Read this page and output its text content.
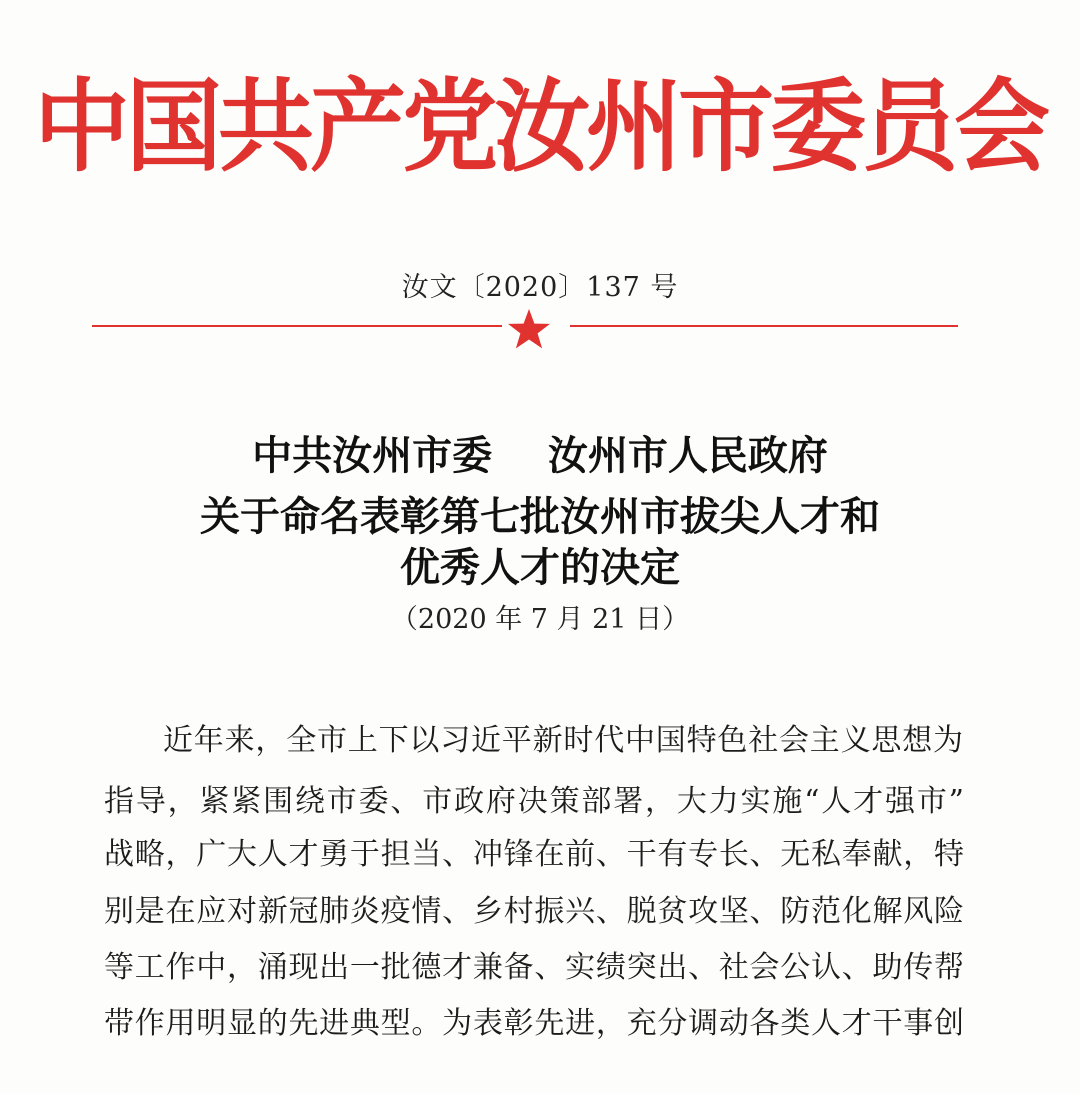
中国共产党汝州市委员会
汝文〔2020〕137 号
中共汝州市委    汝州市人民政府
关于命名表彰第七批汝州市拔尖人才和
优秀人才的决定
（2020 年 7 月 21 日）
近年来，全市上下以习近平新时代中国特色社会主义思想为
指导，紧紧围绕市委、市政府决策部署，大力实施“人才强市”
战略，广大人才勇于担当、冲锋在前、干有专长、无私奉献，特
别是在应对新冠肺炎疫情、乡村振兴、脱贫攻坚、防范化解风险
等工作中，涌现出一批德才兼备、实绩突出、社会公认、助传帮
带作用明显的先进典型。为表彰先进，充分调动各类人才干事创
